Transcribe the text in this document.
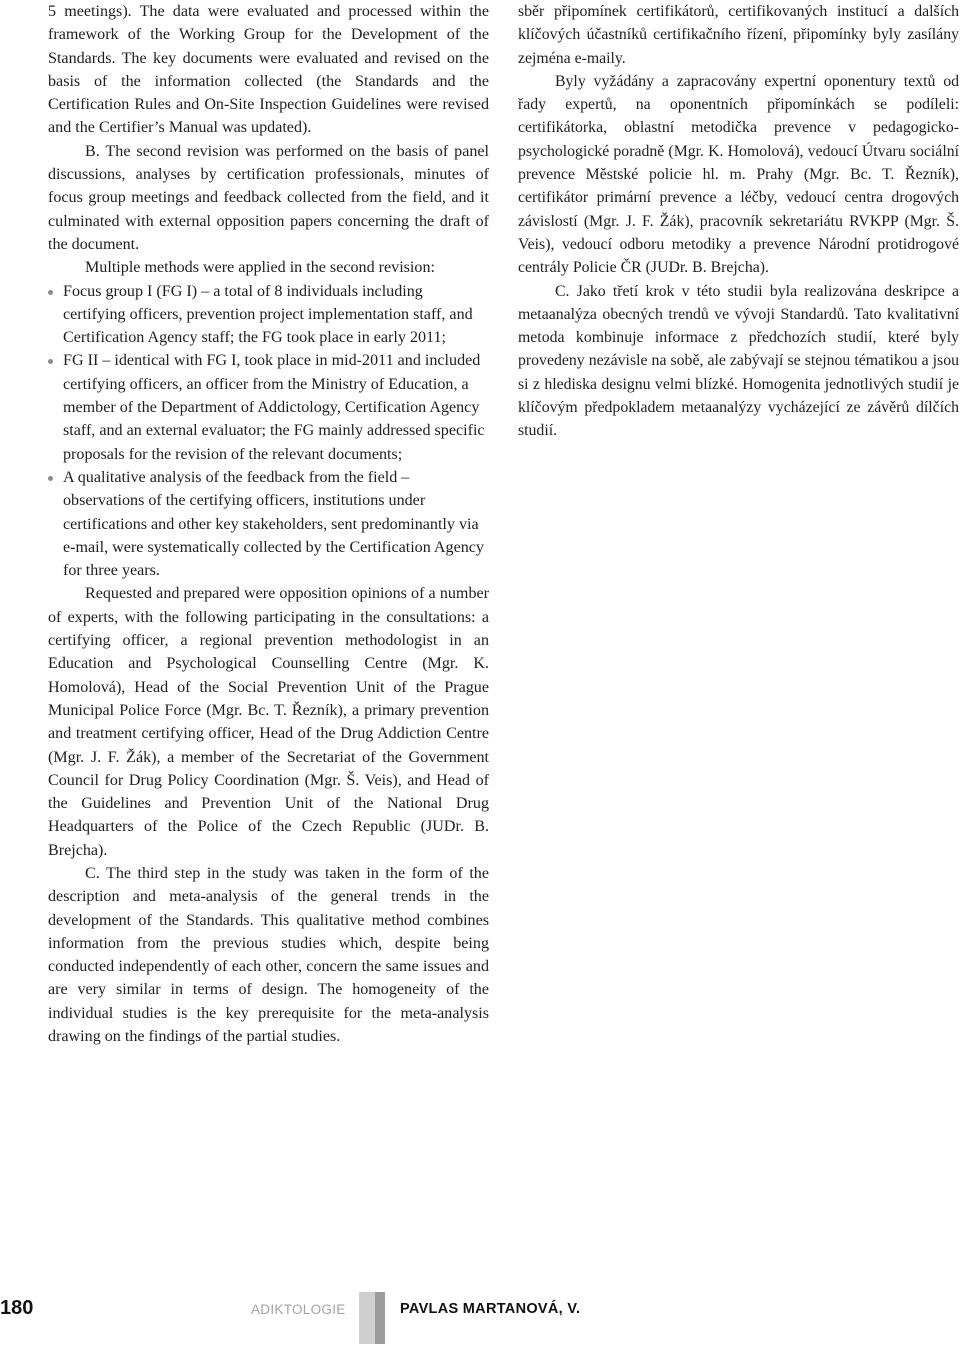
5 meetings). The data were evaluated and processed within the framework of the Working Group for the Development of the Standards. The key documents were evaluated and revised on the basis of the information collected (the Standards and the Certification Rules and On-Site Inspection Guidelines were revised and the Certifier’s Manual was updated).

B. The second revision was performed on the basis of panel discussions, analyses by certification professionals, minutes of focus group meetings and feedback collected from the field, and it culminated with external opposition papers concerning the draft of the document.

Multiple methods were applied in the second revision:

Focus group I (FG I) – a total of 8 individuals including certifying officers, prevention project implementation staff, and Certification Agency staff; the FG took place in early 2011;
FG II – identical with FG I, took place in mid-2011 and included certifying officers, an officer from the Ministry of Education, a member of the Department of Addictology, Certification Agency staff, and an external evaluator; the FG mainly addressed specific proposals for the revision of the relevant documents;
A qualitative analysis of the feedback from the field – observations of the certifying officers, institutions under certifications and other key stakeholders, sent predominantly via e-mail, were systematically collected by the Certification Agency for three years.

Requested and prepared were opposition opinions of a number of experts, with the following participating in the consultations: a certifying officer, a regional prevention methodologist in an Education and Psychological Counselling Centre (Mgr. K. Homolová), Head of the Social Prevention Unit of the Prague Municipal Police Force (Mgr. Bc. T. Řezník), a primary prevention and treatment certifying officer, Head of the Drug Addiction Centre (Mgr. J. F. Žák), a member of the Secretariat of the Government Council for Drug Policy Coordination (Mgr. Š. Veis), and Head of the Guidelines and Prevention Unit of the National Drug Headquarters of the Police of the Czech Republic (JUDr. B. Brejcha).

C. The third step in the study was taken in the form of the description and meta-analysis of the general trends in the development of the Standards. This qualitative method combines information from the previous studies which, despite being conducted independently of each other, concern the same issues and are very similar in terms of design. The homogeneity of the individual studies is the key prerequisite for the meta-analysis drawing on the findings of the partial studies.

sběr připomínek certifikátorů, certifikovaných institucí a dalších klíčových účastníků certifikačního řízení, připomínky byly zasílány zejména e-maily.

Byly vyžádány a zapracovány expertní oponentury textů od řady expertů, na oponentních připomínkách se podíleli: certifikátorka, oblastní metodička prevence v pedagogicko-psychologické poradně (Mgr. K. Homolová), vedoucí Útvaru sociální prevence Městské policie hl. m. Prahy (Mgr. Bc. T. Řezník), certifikátor primární prevence a léčby, vedoucí centra drogových závislostí (Mgr. J. F. Žák), pracovník sekretariátu RVKPP (Mgr. Š. Veis), vedoucí odboru metodiky a prevence Národní protidrogové centrály Policie ČR (JUDr. B. Brejcha).

C. Jako třetí krok v této studii byla realizována deskripce a metaanalýza obecných trendů ve vývoji Standardů. Tato kvalitativní metoda kombinuje informace z předchozích studií, které byly provedeny nezávisle na sobě, ale zabývají se stejnou tématikou a jsou si z hlediska designu velmi blízké. Homogenita jednotlivých studií je klíčovým předpokladem metaanalýzy vycházející ze závěrů dílčích studií.

180	ADIKTOLOGIE	PAVLAS MARTANOVÁ, V.
